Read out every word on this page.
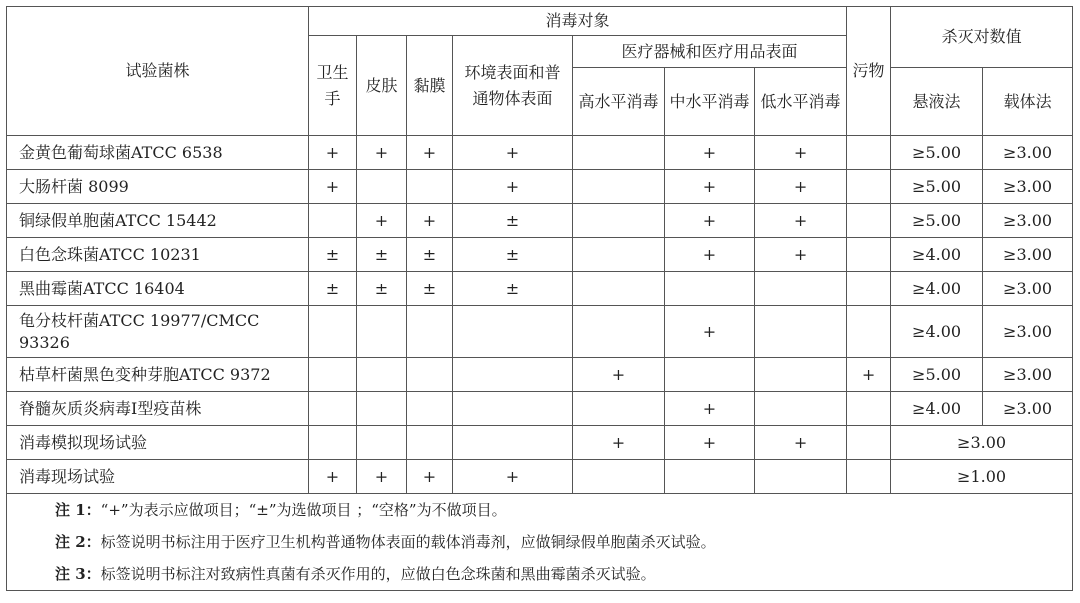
试验菌株	消毒对象							污物	杀灭对数值	
	卫生手	皮肤	黏膜	环境表面和普通物体表面	医疗器械和医疗用品表面					
					高水平消毒	中水平消毒	低水平消毒		悬液法	载体法
金黄色葡萄球菌ATCC 6538	+	+	+	+		+	+		≥5.00	≥3.00
大肠杆菌 8099	+			+		+	+		≥5.00	≥3.00
铜绿假单胞菌ATCC 15442		+	+	±		+	+		≥5.00	≥3.00
白色念珠菌ATCC 10231	±	±	±	±		+	+		≥4.00	≥3.00
黑曲霉菌ATCC 16404	±	±	±	±					≥4.00	≥3.00
龟分枝杆菌ATCC 19977/CMCC 93326						+			≥4.00	≥3.00
枯草杆菌黑色变种芽胞ATCC 9372					+			+	≥5.00	≥3.00
脊髓灰质炎病毒Ⅰ型疫苗株						+			≥4.00	≥3.00
消毒模拟现场试验					+	+	+		≥3.00	
消毒现场试验	+	+	+	+					≥1.00	

注 1：“+”为表示应做项目；“±”为选做项目 ；“空格”为不做项目。
注 2：标签说明书标注用于医疗卫生机构普通物体表面的载体消毒剂，应做铜绿假单胞菌杀灭试验。
注 3：标签说明书标注对致病性真菌有杀灭作用的，应做白色念珠菌和黑曲霉菌杀灭试验。										
